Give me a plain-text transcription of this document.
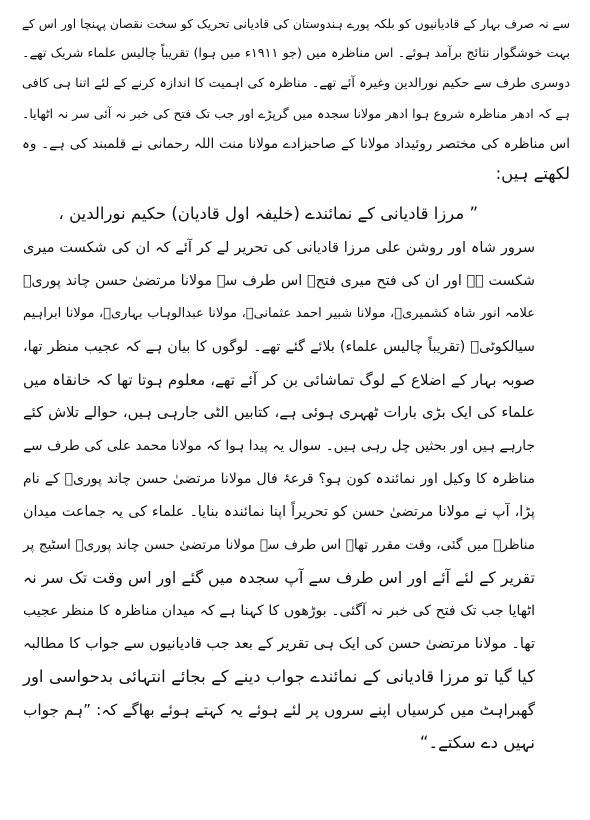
سے نہ صرف بہار کے قادیانیوں کو بلکہ پورے ہندوستان کی قادیانی تحریک کو سخت نقصان پہنچا اور اس کے
بہت خوشگوار نتائج برآمد ہوئے۔ اس مناظرہ میں (جو ۱۹۱۱ء میں ہوا) تقریباً چالیس علماء شریک تھے۔
دوسری طرف سے حکیم نورالدین وغیرہ آئے تھے۔ مناظرہ کی اہمیت کا اندازہ کرنے کے لئے اتنا ہی کافی
ہے کہ ادھر مناظرہ شروع ہوا ادھر مولانا سجدہ میں گرپڑے اور جب تک فتح کی خبر نہ آئی سر نہ اٹھایا۔
اس مناظرہ کی مختصر روئیداد مولانا کے صاحبزادے مولانا منت اللہ رحمانی نے قلمبند کی ہے۔ وہ
لکھتے ہیں:
” مرزا قادیانی کے نمائندے (خلیفہ اول قادیان) حکیم نورالدین ،
سرور شاہ اور روشن علی مرزا قادیانی کی تحریر لے کر آئے کہ ان کی شکست میری
شکست ہے اور ان کی فتح میری فتح۔ اس طرف سے مولانا مرتضیٰ حسن چاند پوریؒ
علامہ انور شاہ کشمیریؒ، مولانا شبیر احمد عثمانیؒ، مولانا عبدالوہاب بہاریؒ، مولانا ابراہیم
سیالکوٹیؒ (تقریباً چالیس علماء) بلائے گئے تھے۔ لوگوں کا بیان ہے کہ عجیب منظر تھا،
صوبہ بہار کے اضلاع کے لوگ تماشائی بن کر آئے تھے، معلوم ہوتا تھا کہ خانقاہ میں
علماء کی ایک بڑی بارات ٹھہری ہوئی ہے، کتابیں الٹی جارہی ہیں، حوالے تلاش کئے
جارہے ہیں اور بحثیں چل رہی ہیں۔ سوال یہ پیدا ہوا کہ مولانا محمد علی کی طرف سے
مناظرہ کا وکیل اور نمائندہ کون ہو؟ قرعۂ فال مولانا مرتضیٰ حسن چاند پوریؒ کے نام
پڑا، آپ نے مولانا مرتضیٰ حسن کو تحریراً اپنا نمائندہ بنایا۔ علماء کی یہ جماعت میدان
مناظرہ میں گئی، وقت مقرر تھا۔ اس طرف سے مولانا مرتضیٰ حسن چاند پوریؒ اسٹیج پر
تقریر کے لئے آئے اور اس طرف سے آپ سجدہ میں گئے اور اس وقت تک سر نہ
اٹھایا جب تک فتح کی خبر نہ آگئی۔ بوڑھوں کا کہنا ہے کہ میدان مناظرہ کا منظر عجیب
تھا۔ مولانا مرتضیٰ حسن کی ایک ہی تقریر کے بعد جب قادیانیوں سے جواب کا مطالبہ
کیا گیا تو مرزا قادیانی کے نمائندے جواب دینے کے بجائے انتہائی بدحواسی اور
گھبراہٹ میں کرسیاں اپنے سروں پر لئے ہوئے یہ کہتے ہوئے بھاگے کہ: ”ہم جواب
نہیں دے سکتے۔“
